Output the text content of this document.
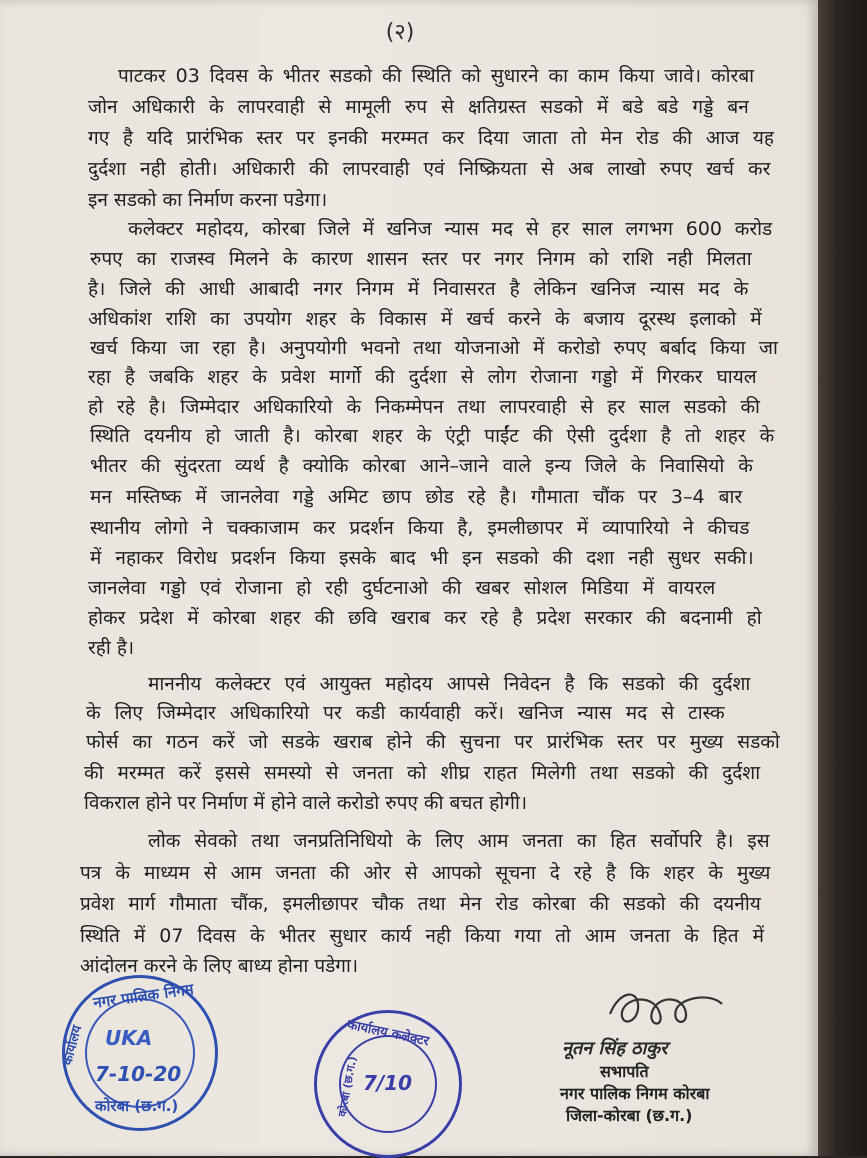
(२)
पाटकर 03 दिवस के भीतर सडको की स्थिति को सुधारने का काम किया जावे। कोरबा
जोन अधिकारी के लापरवाही से मामूली रुप से क्षतिग्रस्त सडको में बडे बडे गड्डे बन
गए है यदि प्रारंभिक स्तर पर इनकी मरम्मत कर दिया जाता तो मेन रोड की आज यह
दुर्दशा नही होती। अधिकारी की लापरवाही एवं निष्क्रियता से अब लाखो रुपए खर्च कर
इन सडको का निर्माण करना पडेगा।
कलेक्टर महोदय, कोरबा जिले में खनिज न्यास मद से हर साल लगभग 600 करोड
रुपए का राजस्व मिलने के कारण शासन स्तर पर नगर निगम को राशि नही मिलता
है। जिले की आधी आबादी नगर निगम में निवासरत है लेकिन खनिज न्यास मद के
अधिकांश राशि का उपयोग शहर के विकास में खर्च करने के बजाय दूरस्थ इलाको में
खर्च किया जा रहा है। अनुपयोगी भवनो तथा योजनाओ में करोडो रुपए बर्बाद किया जा
रहा है जबकि शहर के प्रवेश मार्गो की दुर्दशा से लोग रोजाना गड्डो में गिरकर घायल
हो रहे है। जिम्मेदार अधिकारियो के निकम्मेपन तथा लापरवाही से हर साल सडको की
स्थिति दयनीय हो जाती है। कोरबा शहर के एंट्री पाईंट की ऐसी दुर्दशा है तो शहर के
भीतर की सुंदरता व्यर्थ है क्योकि कोरबा आने–जाने वाले इन्य जिले के निवासियो के
मन मस्तिष्क में जानलेवा गड्डे अमिट छाप छोड रहे है। गौमाता चौंक पर 3–4 बार
स्थानीय लोगो ने चक्काजाम कर प्रदर्शन किया है, इमलीछापर में व्यापारियो ने कीचड
में नहाकर विरोध प्रदर्शन किया इसके बाद भी इन सडको की दशा नही सुधर सकी।
जानलेवा गड्डो एवं रोजाना हो रही दुर्घटनाओ की खबर सोशल मिडिया में वायरल
होकर प्रदेश में कोरबा शहर की छवि खराब कर रहे है प्रदेश सरकार की बदनामी हो
रही है।
माननीय कलेक्टर एवं आयुक्त महोदय आपसे निवेदन है कि सडको की दुर्दशा
के लिए जिम्मेदार अधिकारियो पर कडी कार्यवाही करें। खनिज न्यास मद से टास्क
फोर्स का गठन करें जो सडके खराब होने की सुचना पर प्रारंभिक स्तर पर मुख्य सडको
की मरम्मत करें इससे समस्यो से जनता को शीघ्र राहत मिलेगी तथा सडको की दुर्दशा
विकराल होने पर निर्माण में होने वाले करोडो रुपए की बचत होगी।
लोक सेवको तथा जनप्रतिनिधियो के लिए आम जनता का हित सर्वोपरि है। इस
पत्र के माध्यम से आम जनता की ओर से आपको सूचना दे रहे है कि शहर के मुख्य
प्रवेश मार्ग गौमाता चौंक, इमलीछापर चौक तथा मेन रोड कोरबा की सडको की दयनीय
स्थिति में 07 दिवस के भीतर सुधार कार्य नही किया गया तो आम जनता के हित में
आंदोलन करने के लिए बाध्य होना पडेगा।
नगर पालिक निगम
कार्यालय UKA
7-10-20
कोरबा (छ.ग.)
कार्यालय कलेक्टर
कोरबा (छ.ग.) 7/10
नूतन सिंह ठाकुर
सभापति
नगर पालिक निगम कोरबा
जिला-कोरबा (छ.ग.)
